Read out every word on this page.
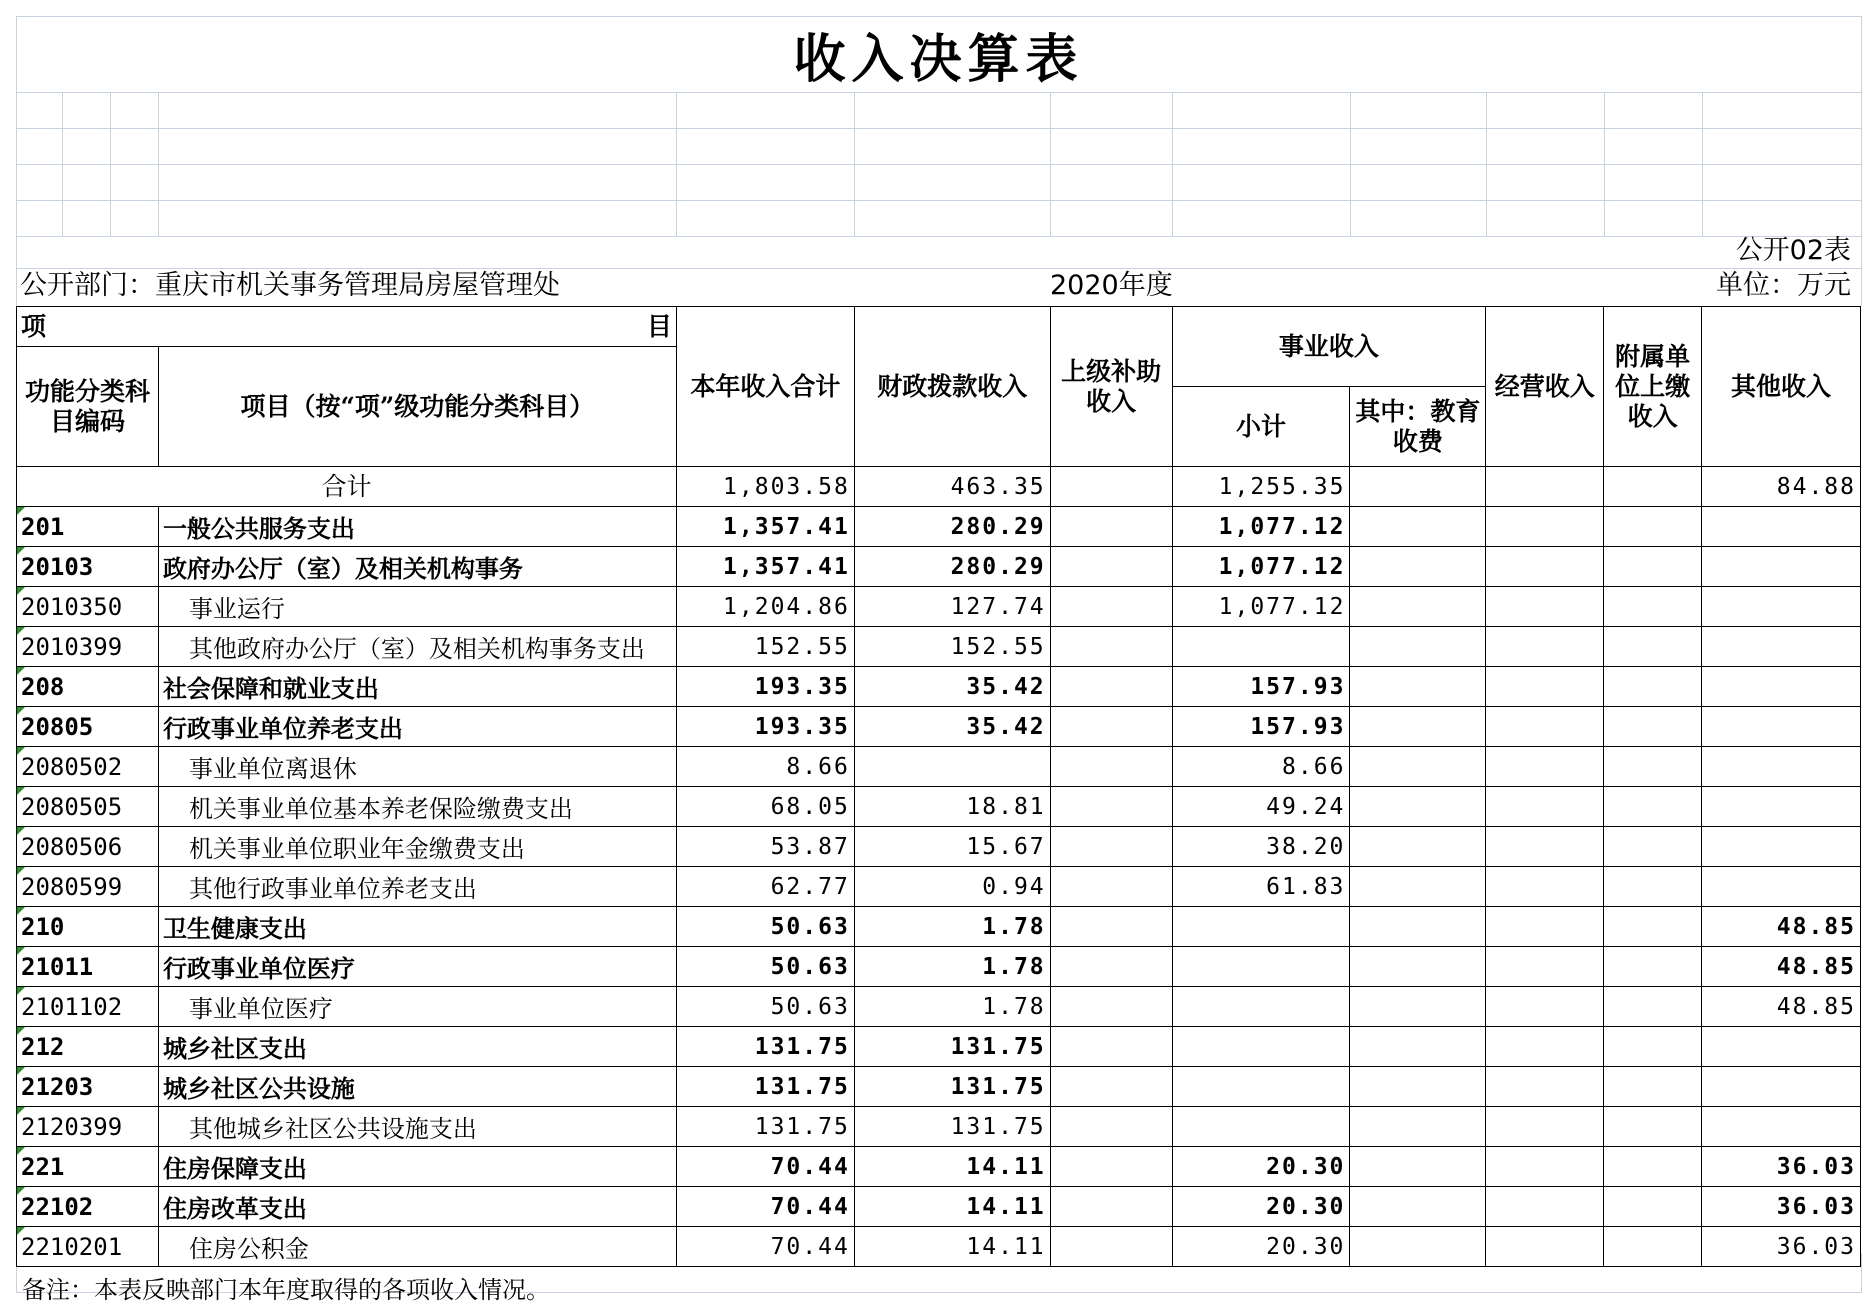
收入决算表
公开02表
公开部门：重庆市机关事务管理局房屋管理处	2020年度	单位：万元
项 目		本年收入合计	财政拨款收入	上级补助收入	事业收入		经营收入	附属单位上缴收入	其他收入
功能分类科目编码	项目（按“项”级功能分类科目）								
					小计	其中：教育收费			
合计		1,803.58	463.35		1,255.35				84.88
201	一般公共服务支出	1,357.41	280.29		1,077.12				
20103	政府办公厅（室）及相关机构事务	1,357.41	280.29		1,077.12				
2010350	事业运行	1,204.86	127.74		1,077.12				
2010399	其他政府办公厅（室）及相关机构事务支出	152.55	152.55						
208	社会保障和就业支出	193.35	35.42		157.93				
20805	行政事业单位养老支出	193.35	35.42		157.93				
2080502	事业单位离退休	8.66			8.66				
2080505	机关事业单位基本养老保险缴费支出	68.05	18.81		49.24				
2080506	机关事业单位职业年金缴费支出	53.87	15.67		38.20				
2080599	其他行政事业单位养老支出	62.77	0.94		61.83				
210	卫生健康支出	50.63	1.78						48.85
21011	行政事业单位医疗	50.63	1.78						48.85
2101102	事业单位医疗	50.63	1.78						48.85
212	城乡社区支出	131.75	131.75						
21203	城乡社区公共设施	131.75	131.75						
2120399	其他城乡社区公共设施支出	131.75	131.75						
221	住房保障支出	70.44	14.11		20.30				36.03
22102	住房改革支出	70.44	14.11		20.30				36.03
2210201	住房公积金	70.44	14.11		20.30				36.03
备注：本表反映部门本年度取得的各项收入情况。
